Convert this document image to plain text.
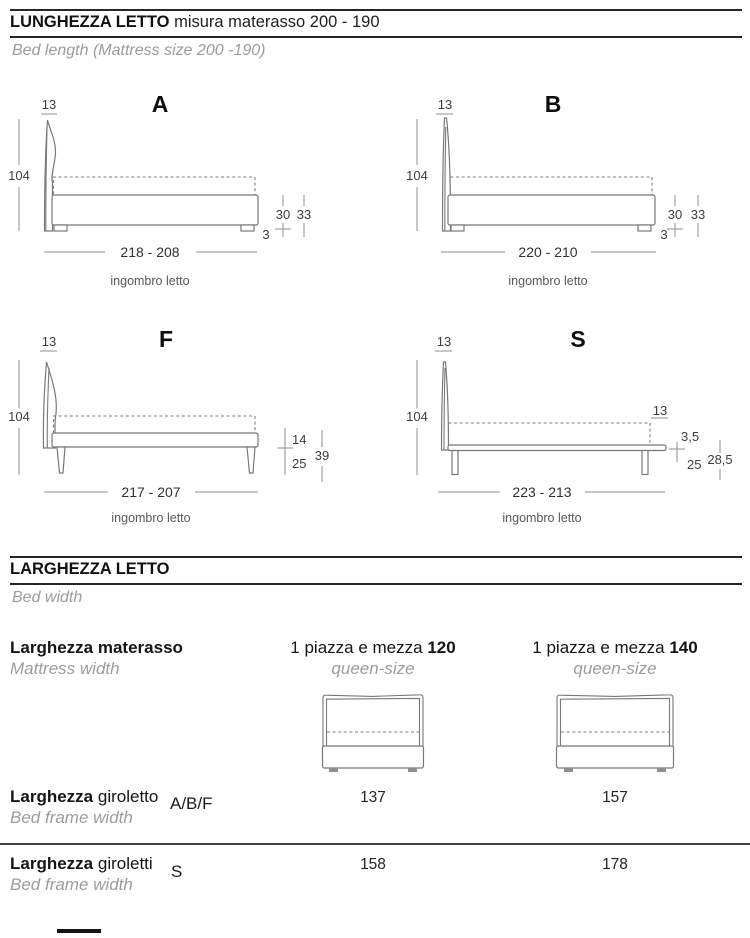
LUNGHEZZA LETTO misura materasso 200 - 190
Bed length (Mattress size 200 -190)
A
13
104
30 33
3
218 - 208
ingombro letto
B
13
104
30 33
3
220 - 210
ingombro letto
F
13
104
14
25
39
217 - 207
ingombro letto
S
13
104	13
3,5
25 28,5
223 - 213
ingombro letto
LARGHEZZA LETTO
Bed width
Larghezza materasso
Mattress width
1 piazza e mezza 120
queen-size
1 piazza e mezza 140
queen-size
Larghezza giroletto
Bed frame width
A/B/F	137	157
Larghezza giroletti
Bed frame width
S	158	178
